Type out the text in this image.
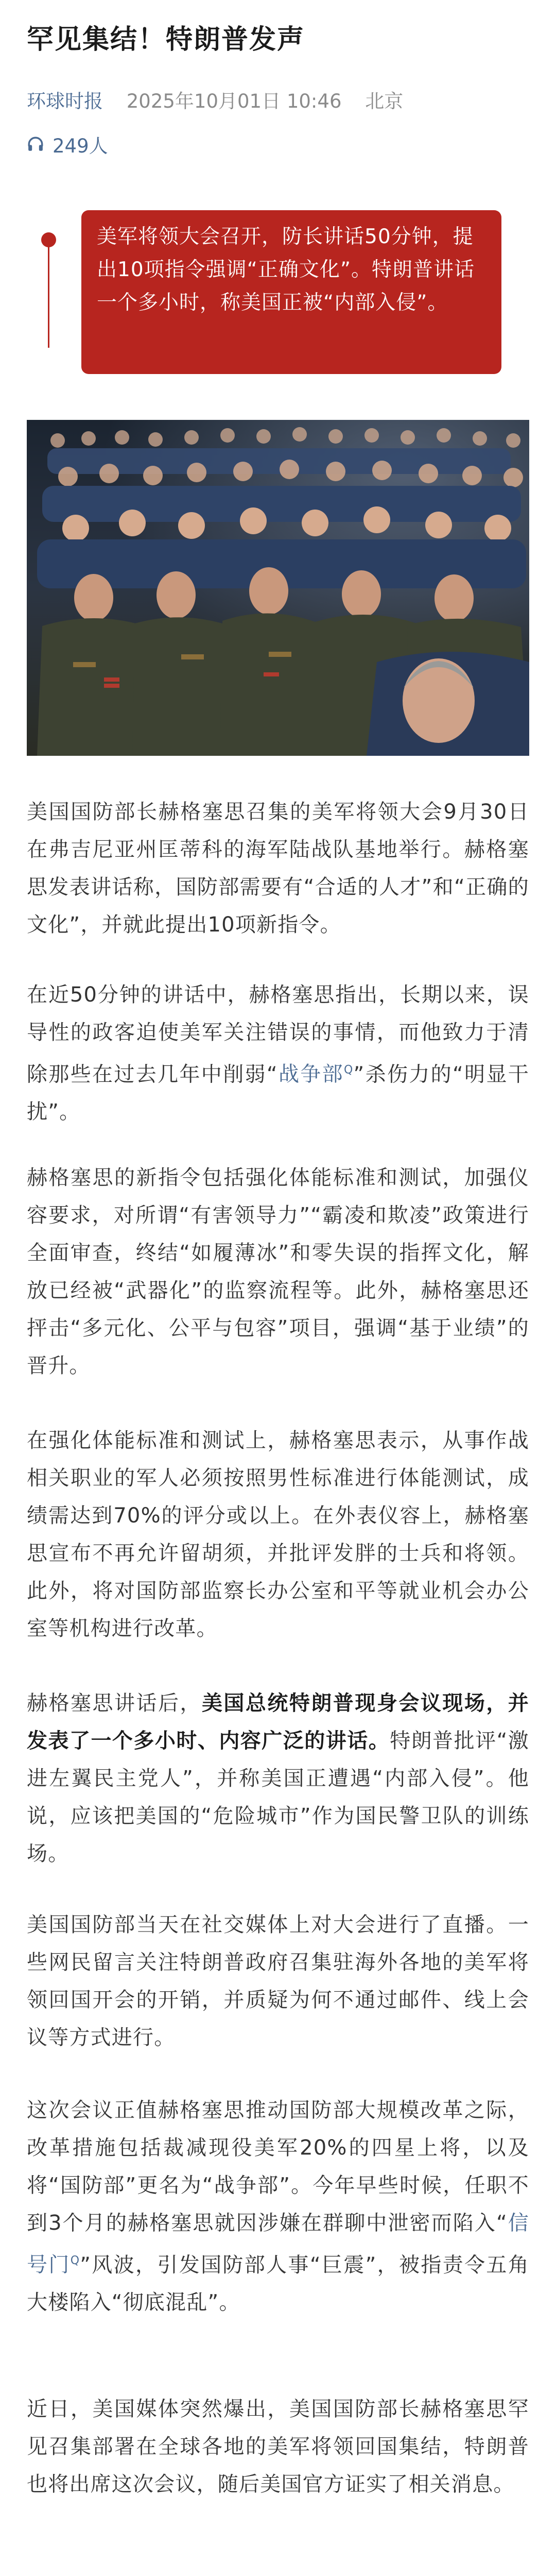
罕见集结！特朗普发声
环球时报 2025年10月01日 10:46 北京
249人
美军将领大会召开，防长讲话50分钟，提出10项指令强调“正确文化”。特朗普讲话一个多小时，称美国正被“内部入侵”。

美国国防部长赫格塞思召集的美军将领大会9月30日在弗吉尼亚州匡蒂科的海军陆战队基地举行。赫格塞思发表讲话称，国防部需要有“合适的人才”和“正确的文化”，并就此提出10项新指令。

在近50分钟的讲话中，赫格塞思指出，长期以来，误导性的政客迫使美军关注错误的事情，而他致力于清除那些在过去几年中削弱“战争部$^Q$”杀伤力的“明显干扰”。

赫格塞思的新指令包括强化体能标准和测试，加强仪容要求，对所谓“有害领导力”“霸凌和欺凌”政策进行全面审查，终结“如履薄冰”和零失误的指挥文化，解放已经被“武器化”的监察流程等。此外，赫格塞思还抨击“多元化、公平与包容”项目，强调“基于业绩”的晋升。

在强化体能标准和测试上，赫格塞思表示，从事作战相关职业的军人必须按照男性标准进行体能测试，成绩需达到70%的评分或以上。在外表仪容上，赫格塞思宣布不再允许留胡须，并批评发胖的士兵和将领。此外，将对国防部监察长办公室和平等就业机会办公室等机构进行改革。

赫格塞思讲话后，美国总统特朗普现身会议现场，并发表了一个多小时、内容广泛的讲话。特朗普批评“激进左翼民主党人”，并称美国正遭遇“内部入侵”。他说，应该把美国的“危险城市”作为国民警卫队的训练场。

美国国防部当天在社交媒体上对大会进行了直播。一些网民留言关注特朗普政府召集驻海外各地的美军将领回国开会的开销，并质疑为何不通过邮件、线上会议等方式进行。

这次会议正值赫格塞思推动国防部大规模改革之际，改革措施包括裁减现役美军20%的四星上将，以及将“国防部”更名为“战争部”。今年早些时候，任职不到3个月的赫格塞思就因涉嫌在群聊中泄密而陷入“信号门$^Q$”风波，引发国防部人事“巨震”，被指责令五角大楼陷入“彻底混乱”。

近日，美国媒体突然爆出，美国国防部长赫格塞思罕见召集部署在全球各地的美军将领回国集结，特朗普也将出席这次会议，随后美国官方证实了相关消息。
